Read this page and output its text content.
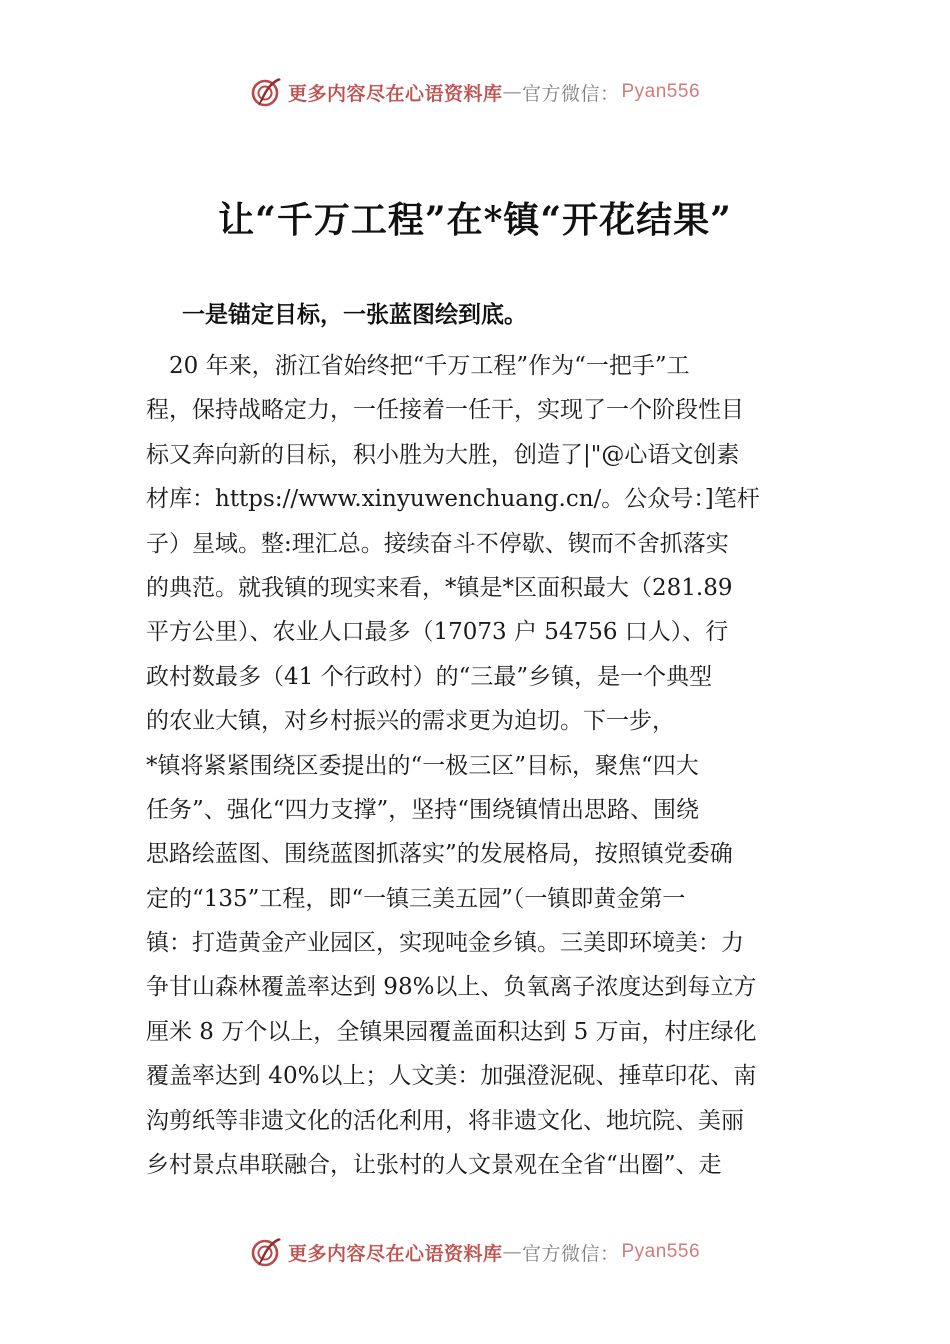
更多内容尽在心语资料库 — 官方微信： Pyan556
让“千万工程”在*镇“开花结果”
一是锚定目标，一张蓝图绘到底。
　20 年来，浙江省始终把“千万工程”作为“一把手”工
程，保持战略定力，一任接着一任干，实现了一个阶段性目
标又奔向新的目标，积小胜为大胜，创造了|"@心语文创素
材库：https://www.xinyuwenchuang.cn/。公众号：]笔杆
子）星域。整:理汇总。接续奋斗不停歇、锲而不舍抓落实
的典范。就我镇的现实来看，*镇是*区面积最大（281.89
平方公里）、农业人口最多（17073 户 54756 口人）、行
政村数最多（41 个行政村）的“三最”乡镇，是一个典型
的农业大镇，对乡村振兴的需求更为迫切。下一步，
*镇将紧紧围绕区委提出的“一极三区”目标，聚焦“四大
任务”、强化“四力支撑”，坚持“围绕镇情出思路、围绕
思路绘蓝图、围绕蓝图抓落实”的发展格局，按照镇党委确
定的“135”工程，即“一镇三美五园”（一镇即黄金第一
镇：打造黄金产业园区，实现吨金乡镇。三美即环境美：力
争甘山森林覆盖率达到 98%以上、负氧离子浓度达到每立方
厘米 8 万个以上，全镇果园覆盖面积达到 5 万亩，村庄绿化
覆盖率达到 40%以上；人文美：加强澄泥砚、捶草印花、南
沟剪纸等非遗文化的活化利用，将非遗文化、地坑院、美丽
乡村景点串联融合，让张村的人文景观在全省“出圈”、走
更多内容尽在心语资料库 — 官方微信： Pyan556
